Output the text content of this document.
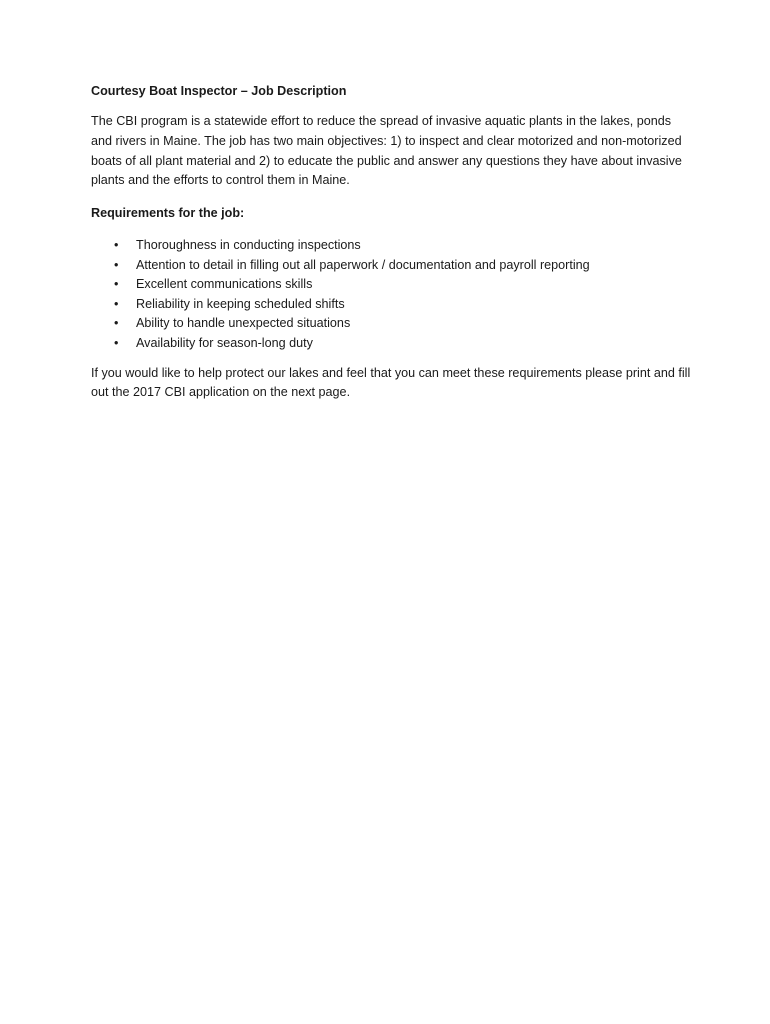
Courtesy Boat Inspector – Job Description

The CBI program is a statewide effort to reduce the spread of invasive aquatic plants in the lakes, ponds and rivers in Maine. The job has two main objectives: 1) to inspect and clear motorized and non-motorized boats of all plant material and 2) to educate the public and answer any questions they have about invasive plants and the efforts to control them in Maine.

Requirements for the job:
• Thoroughness in conducting inspections
• Attention to detail in filling out all paperwork / documentation and payroll reporting
• Excellent communications skills
• Reliability in keeping scheduled shifts
• Ability to handle unexpected situations
• Availability for season-long duty

If you would like to help protect our lakes and feel that you can meet these requirements please print and fill out the 2017 CBI application on the next page.
